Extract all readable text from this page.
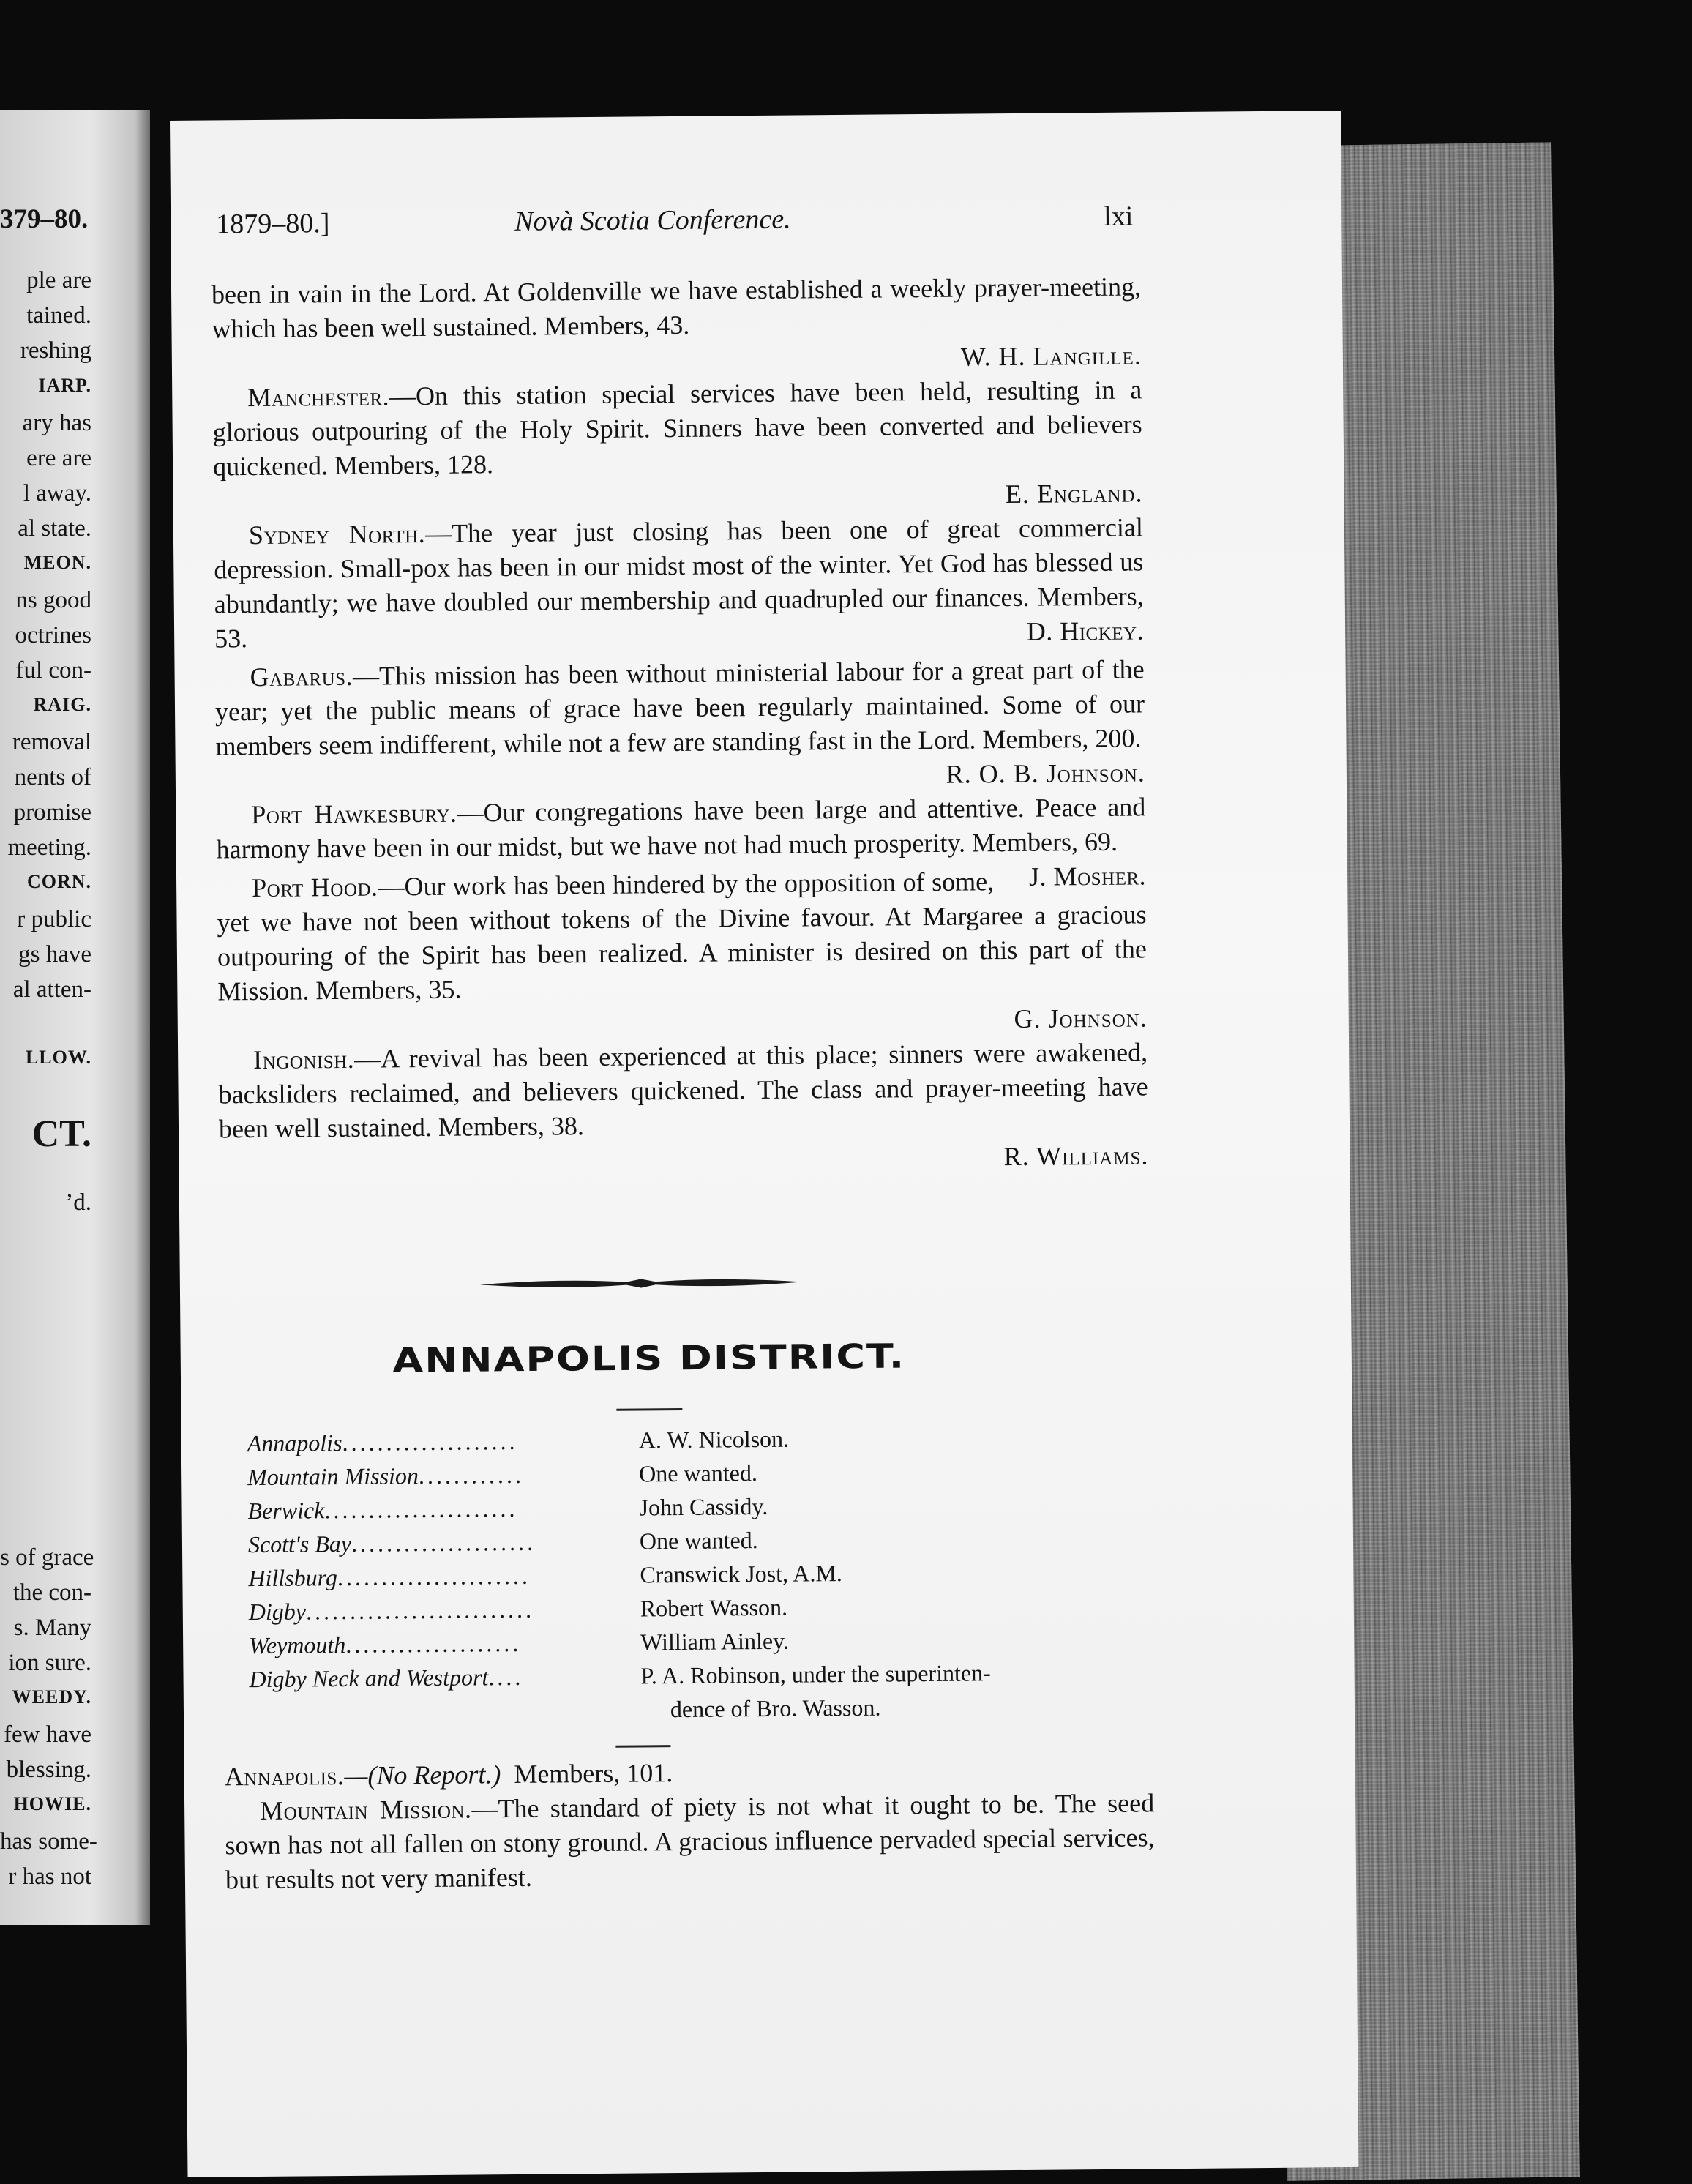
379–80.
ple are
tained.
reshing
IARP.
ary has
ere are
l away.
al state.
MEON.
ns good
octrines
ful con-
RAIG.
removal
nents of
promise
meeting.
CORN.
r public
gs have
al atten-
LLOW.
CT.
’d.
s of grace
the con-
s. Many
ion sure.
WEEDY.
few have
blessing.
HOWIE.
has some-
r has not
1879–80.]	Novà Scotia Conference.	lxi

been in vain in the Lord. At Goldenville we have established a weekly prayer-meeting, which has been well sustained. Members, 43.

W. H. Langille.

Manchester.—On this station special services have been held, resulting in a glorious outpouring of the Holy Spirit. Sinners have been converted and believers quickened. Members, 128.

E. England.

Sydney North.—The year just closing has been one of great commercial depression. Small-pox has been in our midst most of the winter. Yet God has blessed us abundantly; we have doubled our membership and quadrupled our finances. Members, 53.	D. Hickey.

Gabarus.—This mission has been without ministerial labour for a great part of the year; yet the public means of grace have been regularly maintained. Some of our members seem indifferent, while not a few are standing fast in the Lord. Members, 200.

R. O. B. Johnson.

Port Hawkesbury.—Our congregations have been large and attentive. Peace and harmony have been in our midst, but we have not had much prosperity. Members, 69.
J. Mosher.

Port Hood.—Our work has been hindered by the opposition of some, yet we have not been without tokens of the Divine favour. At Margaree a gracious outpouring of the Spirit has been realized. A minister is desired on this part of the Mission. Members, 35.

G. Johnson.

Ingonish.—A revival has been experienced at this place; sinners were awakened, backsliders reclaimed, and believers quickened. The class and prayer-meeting have been well sustained. Members, 38.

R. Williams.

ANNAPOLIS DISTRICT.
Annapolis....................	A. W. Nicolson.
Mountain Mission............	One wanted.
Berwick......................	John Cassidy.
Scott's Bay.....................	One wanted.
Hillsburg......................	Cranswick Jost, A.M.
Digby..........................	Robert Wasson.
Weymouth....................	William Ainley.
Digby Neck and Westport....	P. A. Robinson, under the superinten-
dence of Bro. Wasson.

Annapolis.—(No Report.) Members, 101.

Mountain Mission.—The standard of piety is not what it ought to be. The seed sown has not all fallen on stony ground. A gracious influence pervaded special services, but results not very manifest.
